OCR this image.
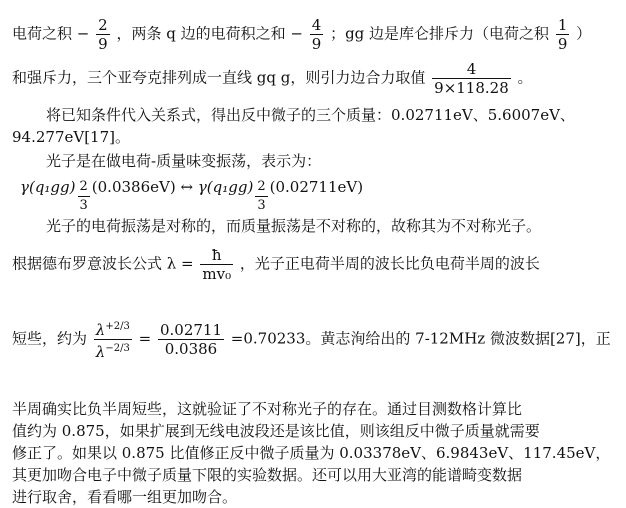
电荷之积 − $\frac{2}{9}$ ，两条 q 边的电荷积之和 − $\frac{4}{9}$ ；gg 边是库仑排斥力（电荷之积 $\frac{1}{9}$ ）
和强斥力，三个亚夸克排列成一直线 gq g，则引力边合力取值 $\frac{4}{9\times 118.28}$ 。
将已知条件代入关系式，得出反中微子的三个质量：0.02711eV、5.6007eV、
94.277eV[17]。
光子是在做电荷-质量味变振荡，表示为：
$\gamma(q_1gg) \frac{2}{3} (0.0386eV)$ ↔ $\gamma(q_1gg) \frac{2}{3} (0.02711eV)$
光子的电荷振荡是对称的，而质量振荡是不对称的，故称其为不对称光子。
根据德布罗意波长公式 $\lambda = \frac{ħ}{\text{mv₀}}$ ，光子正电荷半周的波长比负电荷半周的波长
短些，约为 $\frac{\lambda^{+2/3}}{\lambda^{-2/3}} = \frac{0.02711}{0.0386} =0.70233$。黄志洵给出的 7-12MHz 微波数据[27]，正
半周确实比负半周短些，这就验证了不对称光子的存在。通过目测数格计算比
值约为 0.875，如果扩展到无线电波段还是该比值，则该组反中微子质量就需要
修正了。如果以 0.875 比值修正反中微子质量为 0.03378eV、6.9843eV、117.45eV，
其更加吻合电子中微子质量下限的实验数据。还可以用大亚湾的能谱畸变数据
进行取舍，看看哪一组更加吻合。
